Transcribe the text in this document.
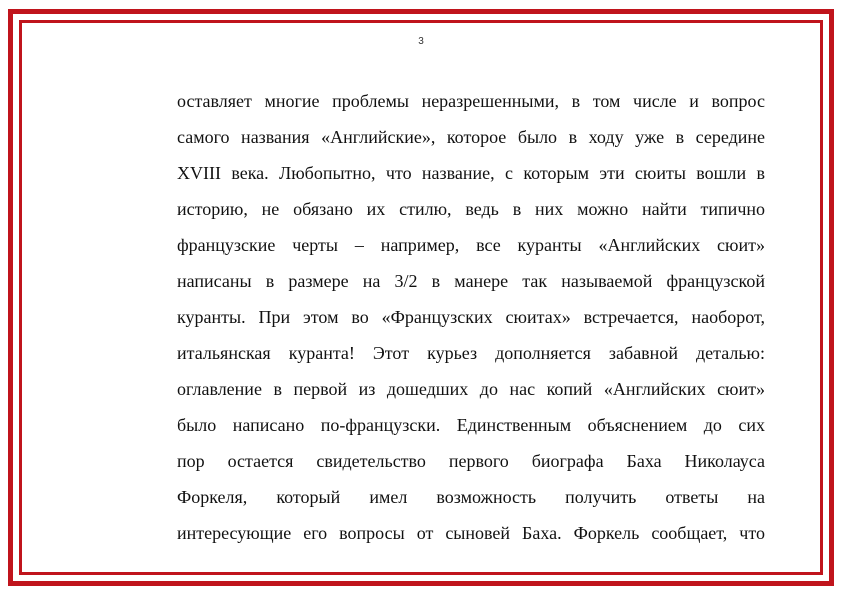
3
оставляет многие проблемы неразрешенными, в том числе и вопрос
самого названия «Английские», которое было в ходу уже в середине
XVIII века. Любопытно, что название, с которым эти сюиты вошли в
историю, не обязано их стилю, ведь в них можно найти типично
французские черты – например, все куранты «Английских сюит»
написаны в размере на 3/2 в манере так называемой французской
куранты. При этом во «Французских сюитах» встречается, наоборот,
итальянская куранта! Этот курьез дополняется забавной деталью:
оглавление в первой из дошедших до нас копий «Английских сюит»
было написано по-французски. Единственным объяснением до сих
пор остается свидетельство первого биографа Баха Николауса
Форкеля, который имел возможность получить ответы на
интересующие его вопросы от сыновей Баха. Форкель сообщает, что
